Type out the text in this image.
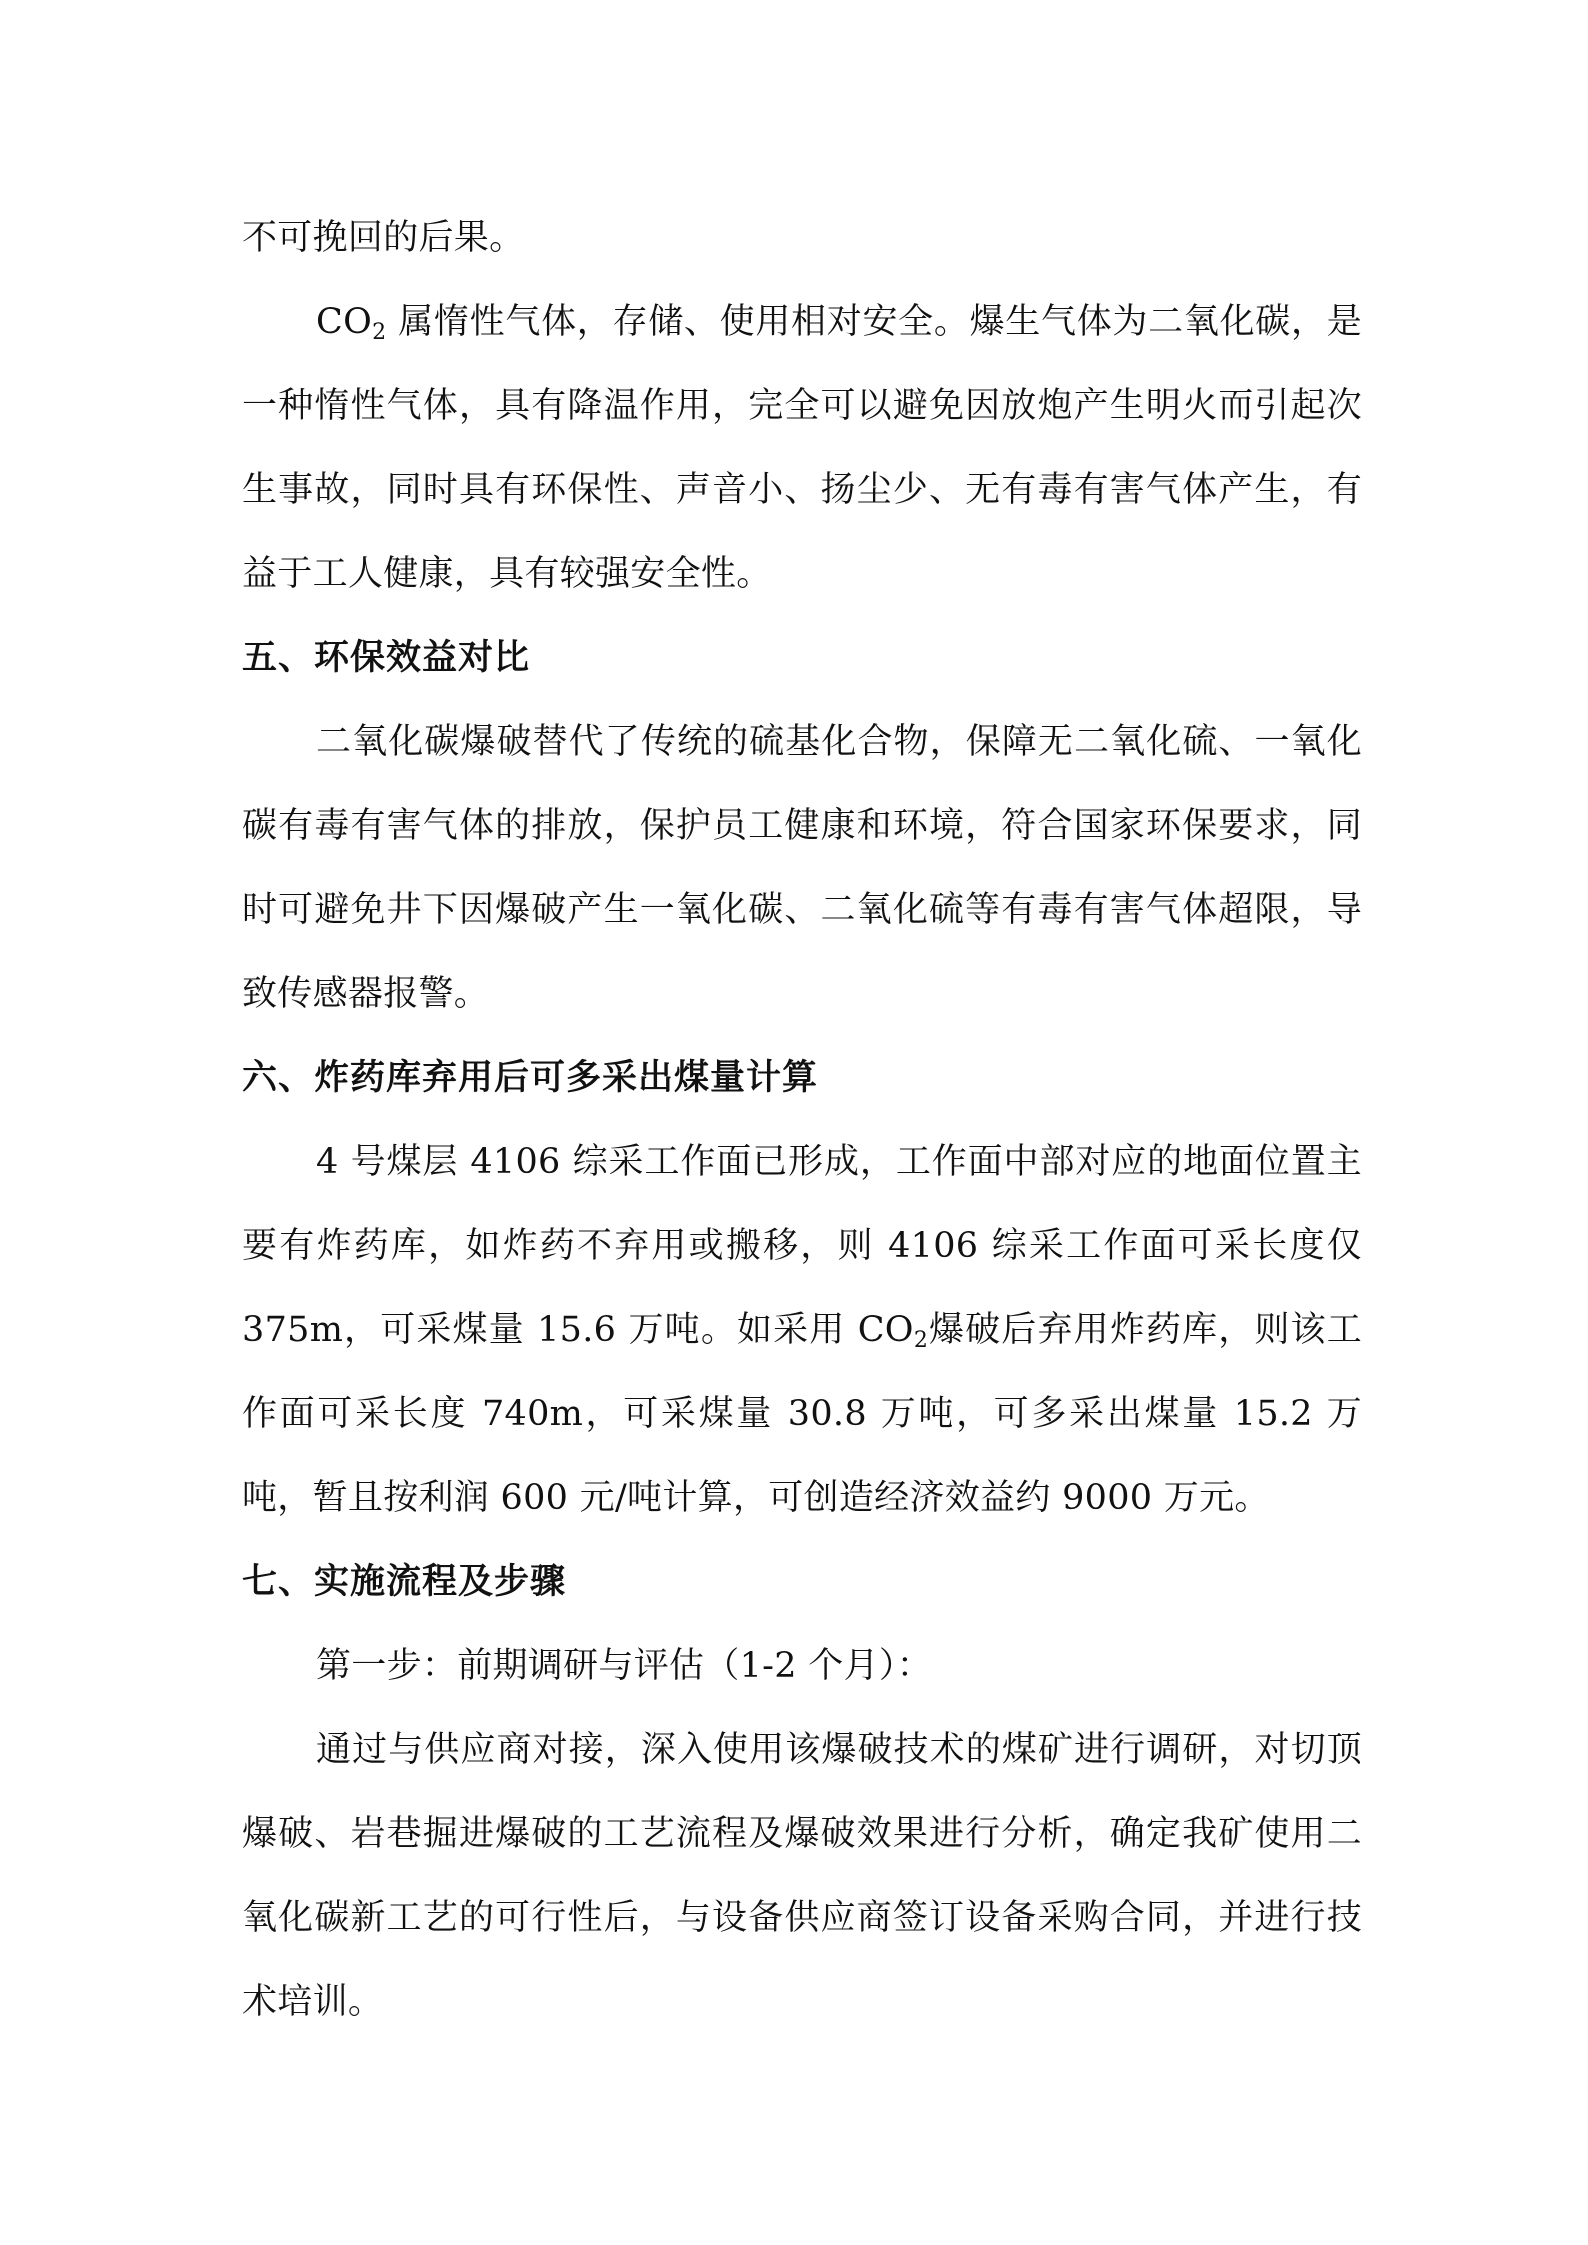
不可挽回的后果。

$CO_2$ 属惰性气体，存储、使用相对安全。爆生气体为二氧化碳，是一种惰性气体，具有降温作用，完全可以避免因放炮产生明火而引起次生事故，同时具有环保性、声音小、扬尘少、无有毒有害气体产生，有益于工人健康，具有较强安全性。

五、环保效益对比

二氧化碳爆破替代了传统的硫基化合物，保障无二氧化硫、一氧化碳有毒有害气体的排放，保护员工健康和环境，符合国家环保要求，同时可避免井下因爆破产生一氧化碳、二氧化硫等有毒有害气体超限，导致传感器报警。

六、炸药库弃用后可多采出煤量计算

4 号煤层 4106 综采工作面已形成，工作面中部对应的地面位置主要有炸药库，如炸药不弃用或搬移，则 4106 综采工作面可采长度仅 375m，可采煤量 15.6 万吨。如采用 $CO_2$爆破后弃用炸药库，则该工作面可采长度 740m，可采煤量 30.8 万吨，可多采出煤量 15.2 万吨，暂且按利润 600 元/吨计算，可创造经济效益约 9000 万元。

七、实施流程及步骤

第一步：前期调研与评估（1-2 个月）：

通过与供应商对接，深入使用该爆破技术的煤矿进行调研，对切顶爆破、岩巷掘进爆破的工艺流程及爆破效果进行分析，确定我矿使用二氧化碳新工艺的可行性后，与设备供应商签订设备采购合同，并进行技术培训。
